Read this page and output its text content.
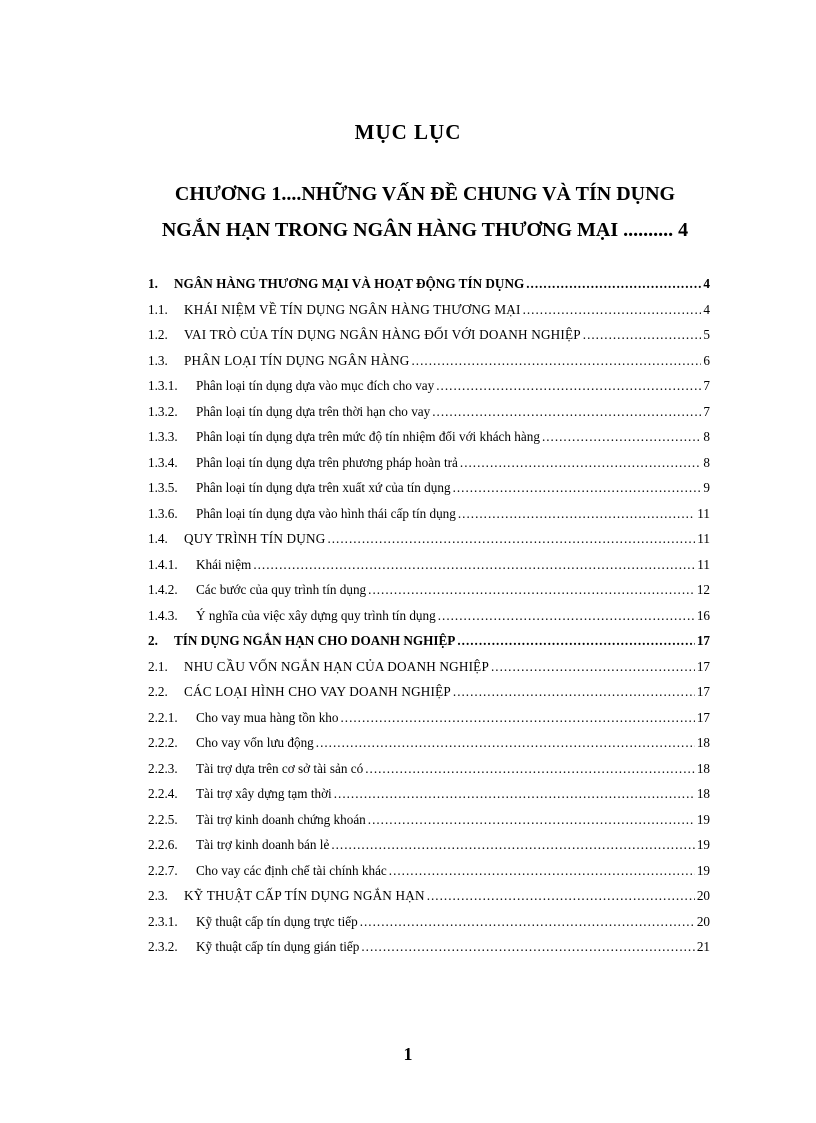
MỤC LỤC
CHƯƠNG 1....NHỮNG VẤN ĐỀ CHUNG VÀ TÍN DỤNG
NGẮN HẠN TRONG NGÂN HÀNG THƯƠNG MẠI .......... 4
1.	NGÂN HÀNG THƯƠNG MẠI VÀ HOẠT ĐỘNG TÍN DỤNG .....	4
1.1.	KHÁI NIỆM VỀ TÍN DỤNG NGÂN HÀNG THƯƠNG MẠI .....	4
1.2.	VAI TRÒ CỦA TÍN DỤNG NGÂN HÀNG ĐỐI VỚI DOANH NGHIỆP .....	5
1.3.	PHÂN LOẠI TÍN DỤNG NGÂN HÀNG .....	6
1.3.1.	Phân loại tín dụng dựa vào mục đích cho vay .....	7
1.3.2.	Phân loại tín dụng dựa trên thời hạn cho vay .....	7
1.3.3.	Phân loại tín dụng dựa trên mức độ tín nhiệm đối với khách hàng .....	8
1.3.4.	Phân loại tín dụng dựa trên phương pháp hoàn trả .....	8
1.3.5.	Phân loại tín dụng dựa trên xuất xứ của tín dụng .....	9
1.3.6.	Phân loại tín dụng dựa vào hình thái cấp tín dụng .....	11
1.4.	QUY TRÌNH TÍN DỤNG .....	11
1.4.1.	Khái niệm .....	11
1.4.2.	Các bước của quy trình tín dụng .....	12
1.4.3.	Ý nghĩa của việc xây dựng quy trình tín dụng .....	16
2.	TÍN DỤNG NGẮN HẠN CHO DOANH NGHIỆP .....	17
2.1.	NHU CẦU VỐN NGẮN HẠN CỦA DOANH NGHIỆP .....	17
2.2.	CÁC LOẠI HÌNH CHO VAY DOANH NGHIỆP .....	17
2.2.1.	Cho vay mua hàng tồn kho .....	17
2.2.2.	Cho vay vốn lưu động .....	18
2.2.3.	Tài trợ dựa trên cơ sở tài sản có .....	18
2.2.4.	Tài trợ xây dựng tạm thời .....	18
2.2.5.	Tài trợ kinh doanh chứng khoán .....	19
2.2.6.	Tài trợ kinh doanh bán lẻ .....	19
2.2.7.	Cho vay các định chế tài chính khác .....	19
2.3.	KỸ THUẬT CẤP TÍN DỤNG NGẮN HẠN .....	20
2.3.1.	Kỹ thuật cấp tín dụng trực tiếp .....	20
2.3.2.	Kỹ thuật cấp tín dụng gián tiếp .....	21
1
